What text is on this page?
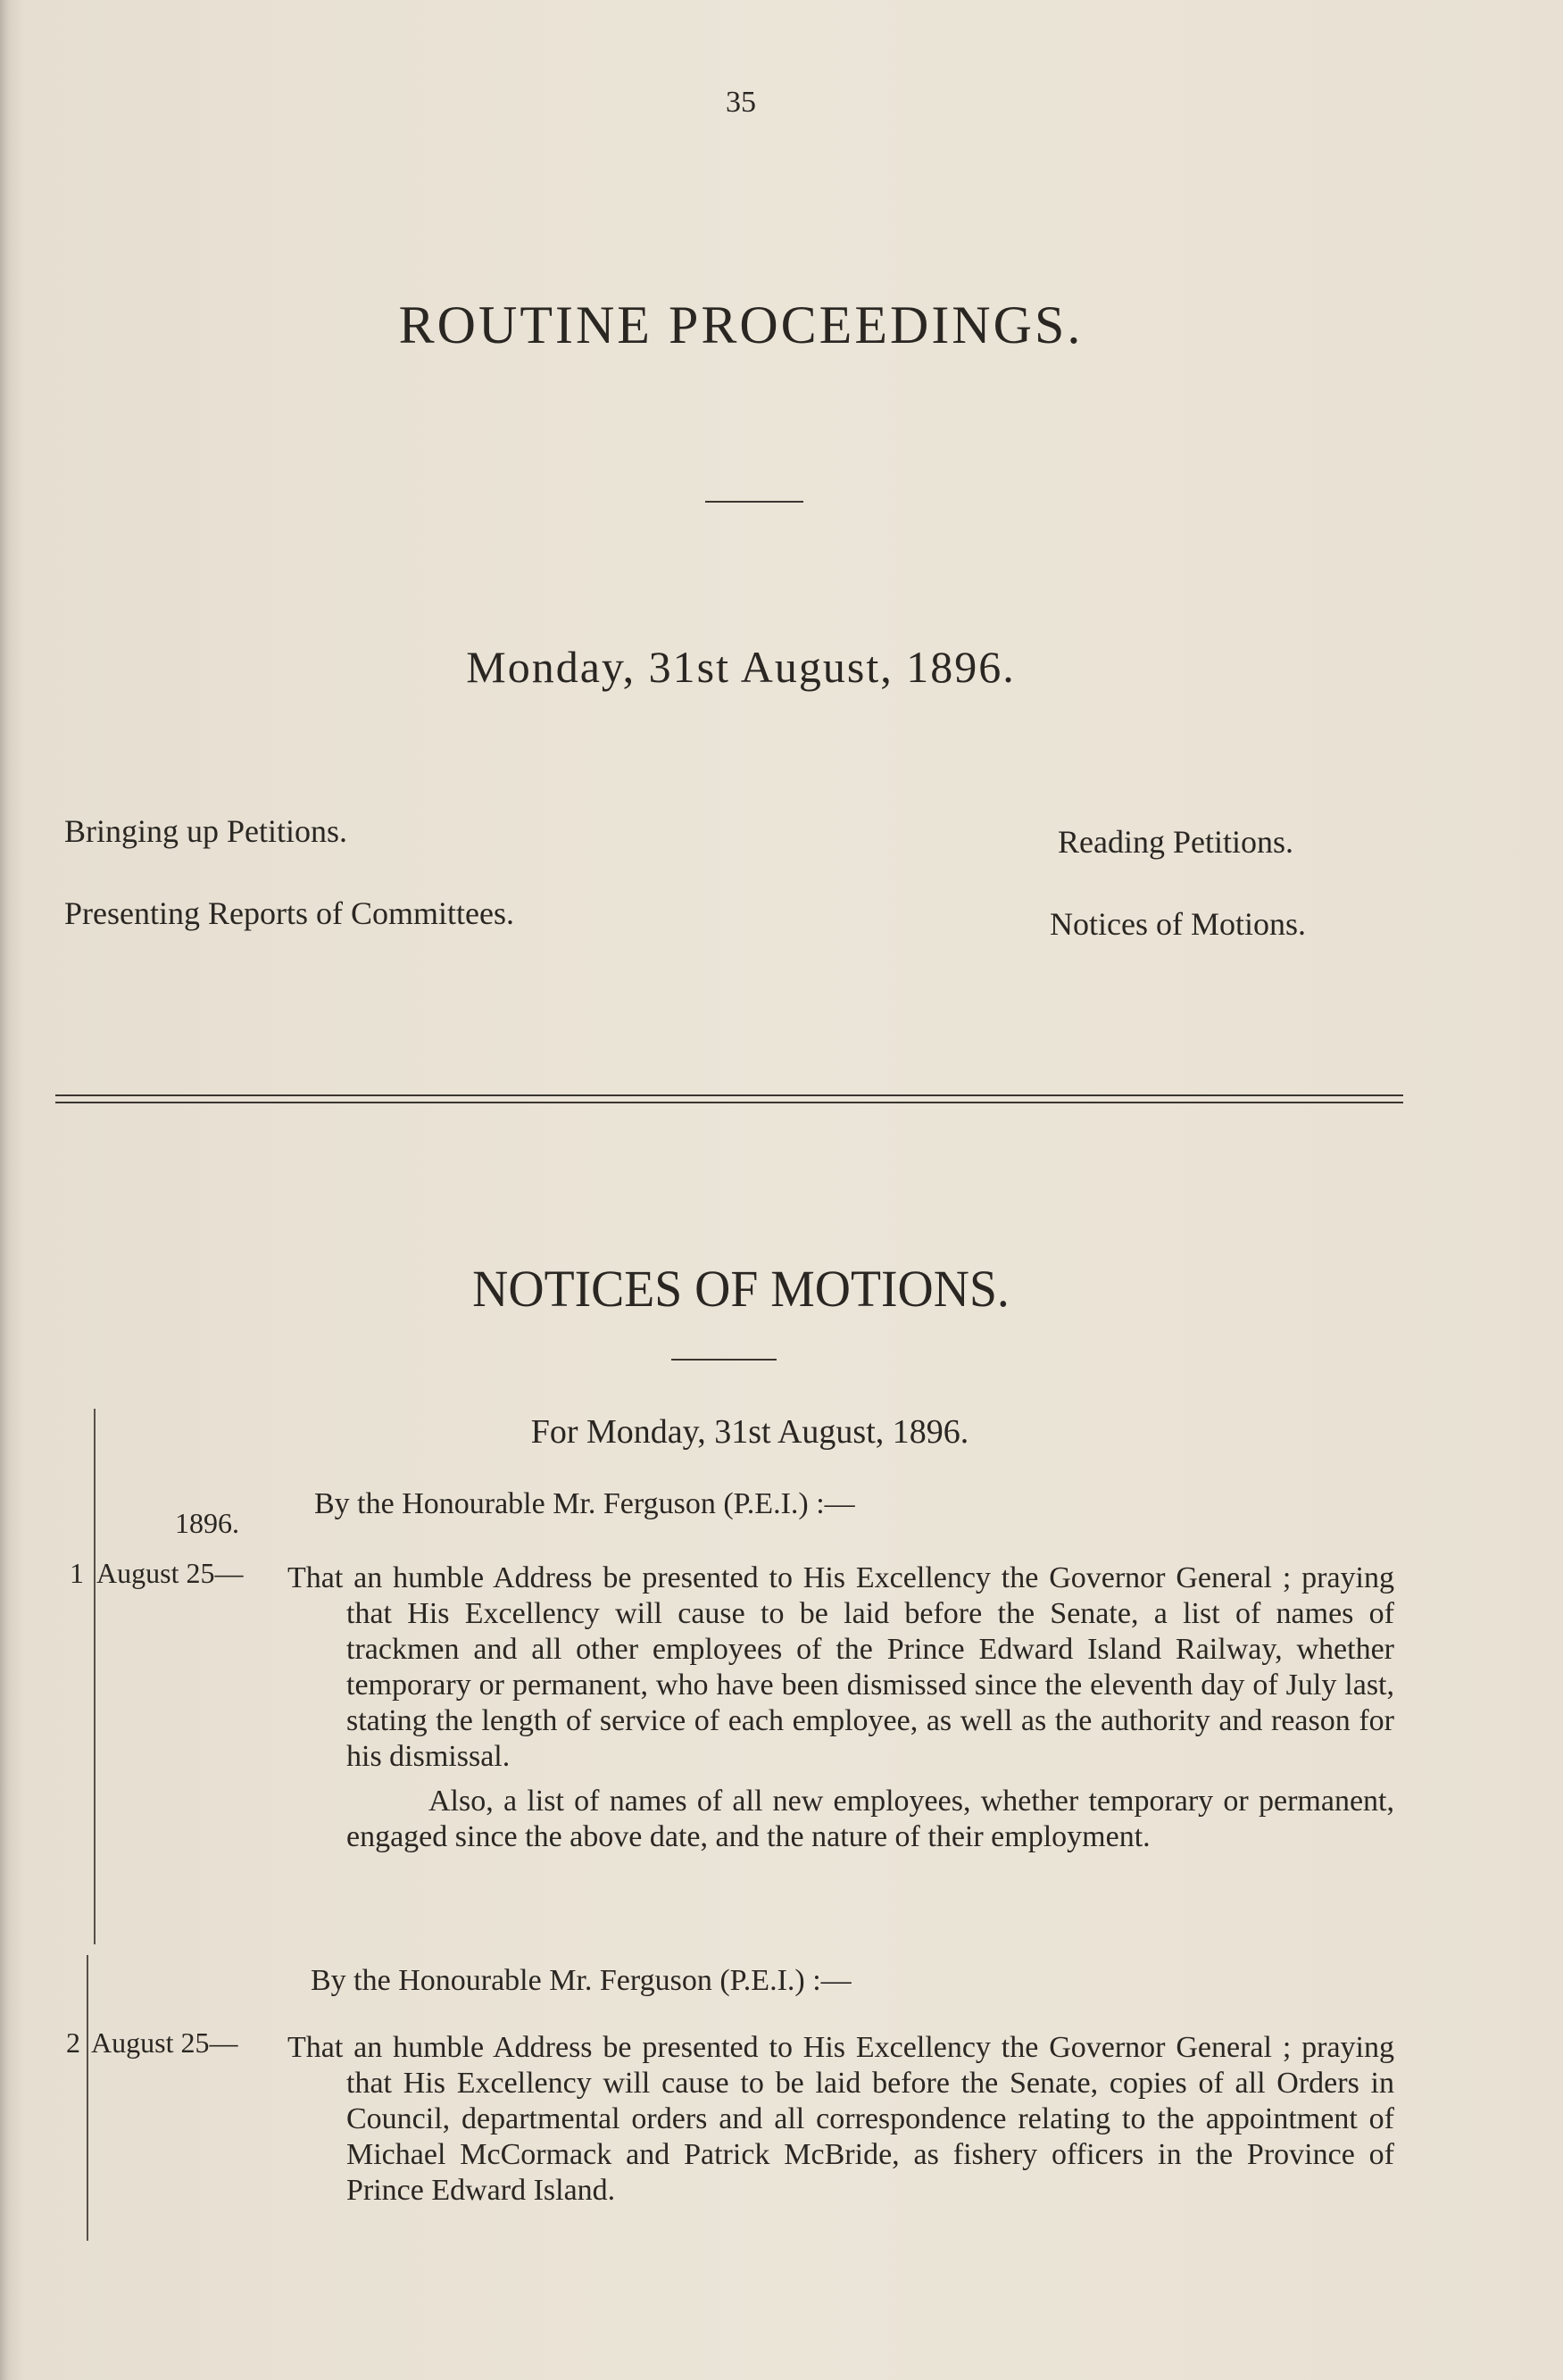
35
ROUTINE PROCEEDINGS.
Monday, 31st August, 1896.
Bringing up Petitions.	Reading Petitions.
Presenting Reports of Committees.	Notices of Motions.
NOTICES OF MOTIONS.
For Monday, 31st August, 1896.
By the Honourable Mr. Ferguson (P.E.I.) :—
1896.
1 August 25— That an humble Address be presented to His Excellency the Governor General ; praying that His Excellency will cause to be laid before the Senate, a list of names of trackmen and all other employees of the Prince Edward Island Railway, whether temporary or permanent, who have been dismissed since the eleventh day of July last, stating the length of service of each employee, as well as the authority and reason for his dismissal.

Also, a list of names of all new employees, whether temporary or permanent, engaged since the above date, and the nature of their employment.

By the Honourable Mr. Ferguson (P.E.I.) :—
2 August 25— That an humble Address be presented to His Excellency the Governor General ; praying that His Excellency will cause to be laid before the Senate, copies of all Orders in Council, departmental orders and all correspondence relating to the appointment of Michael McCormack and Patrick McBride, as fishery officers in the Province of Prince Edward Island.
